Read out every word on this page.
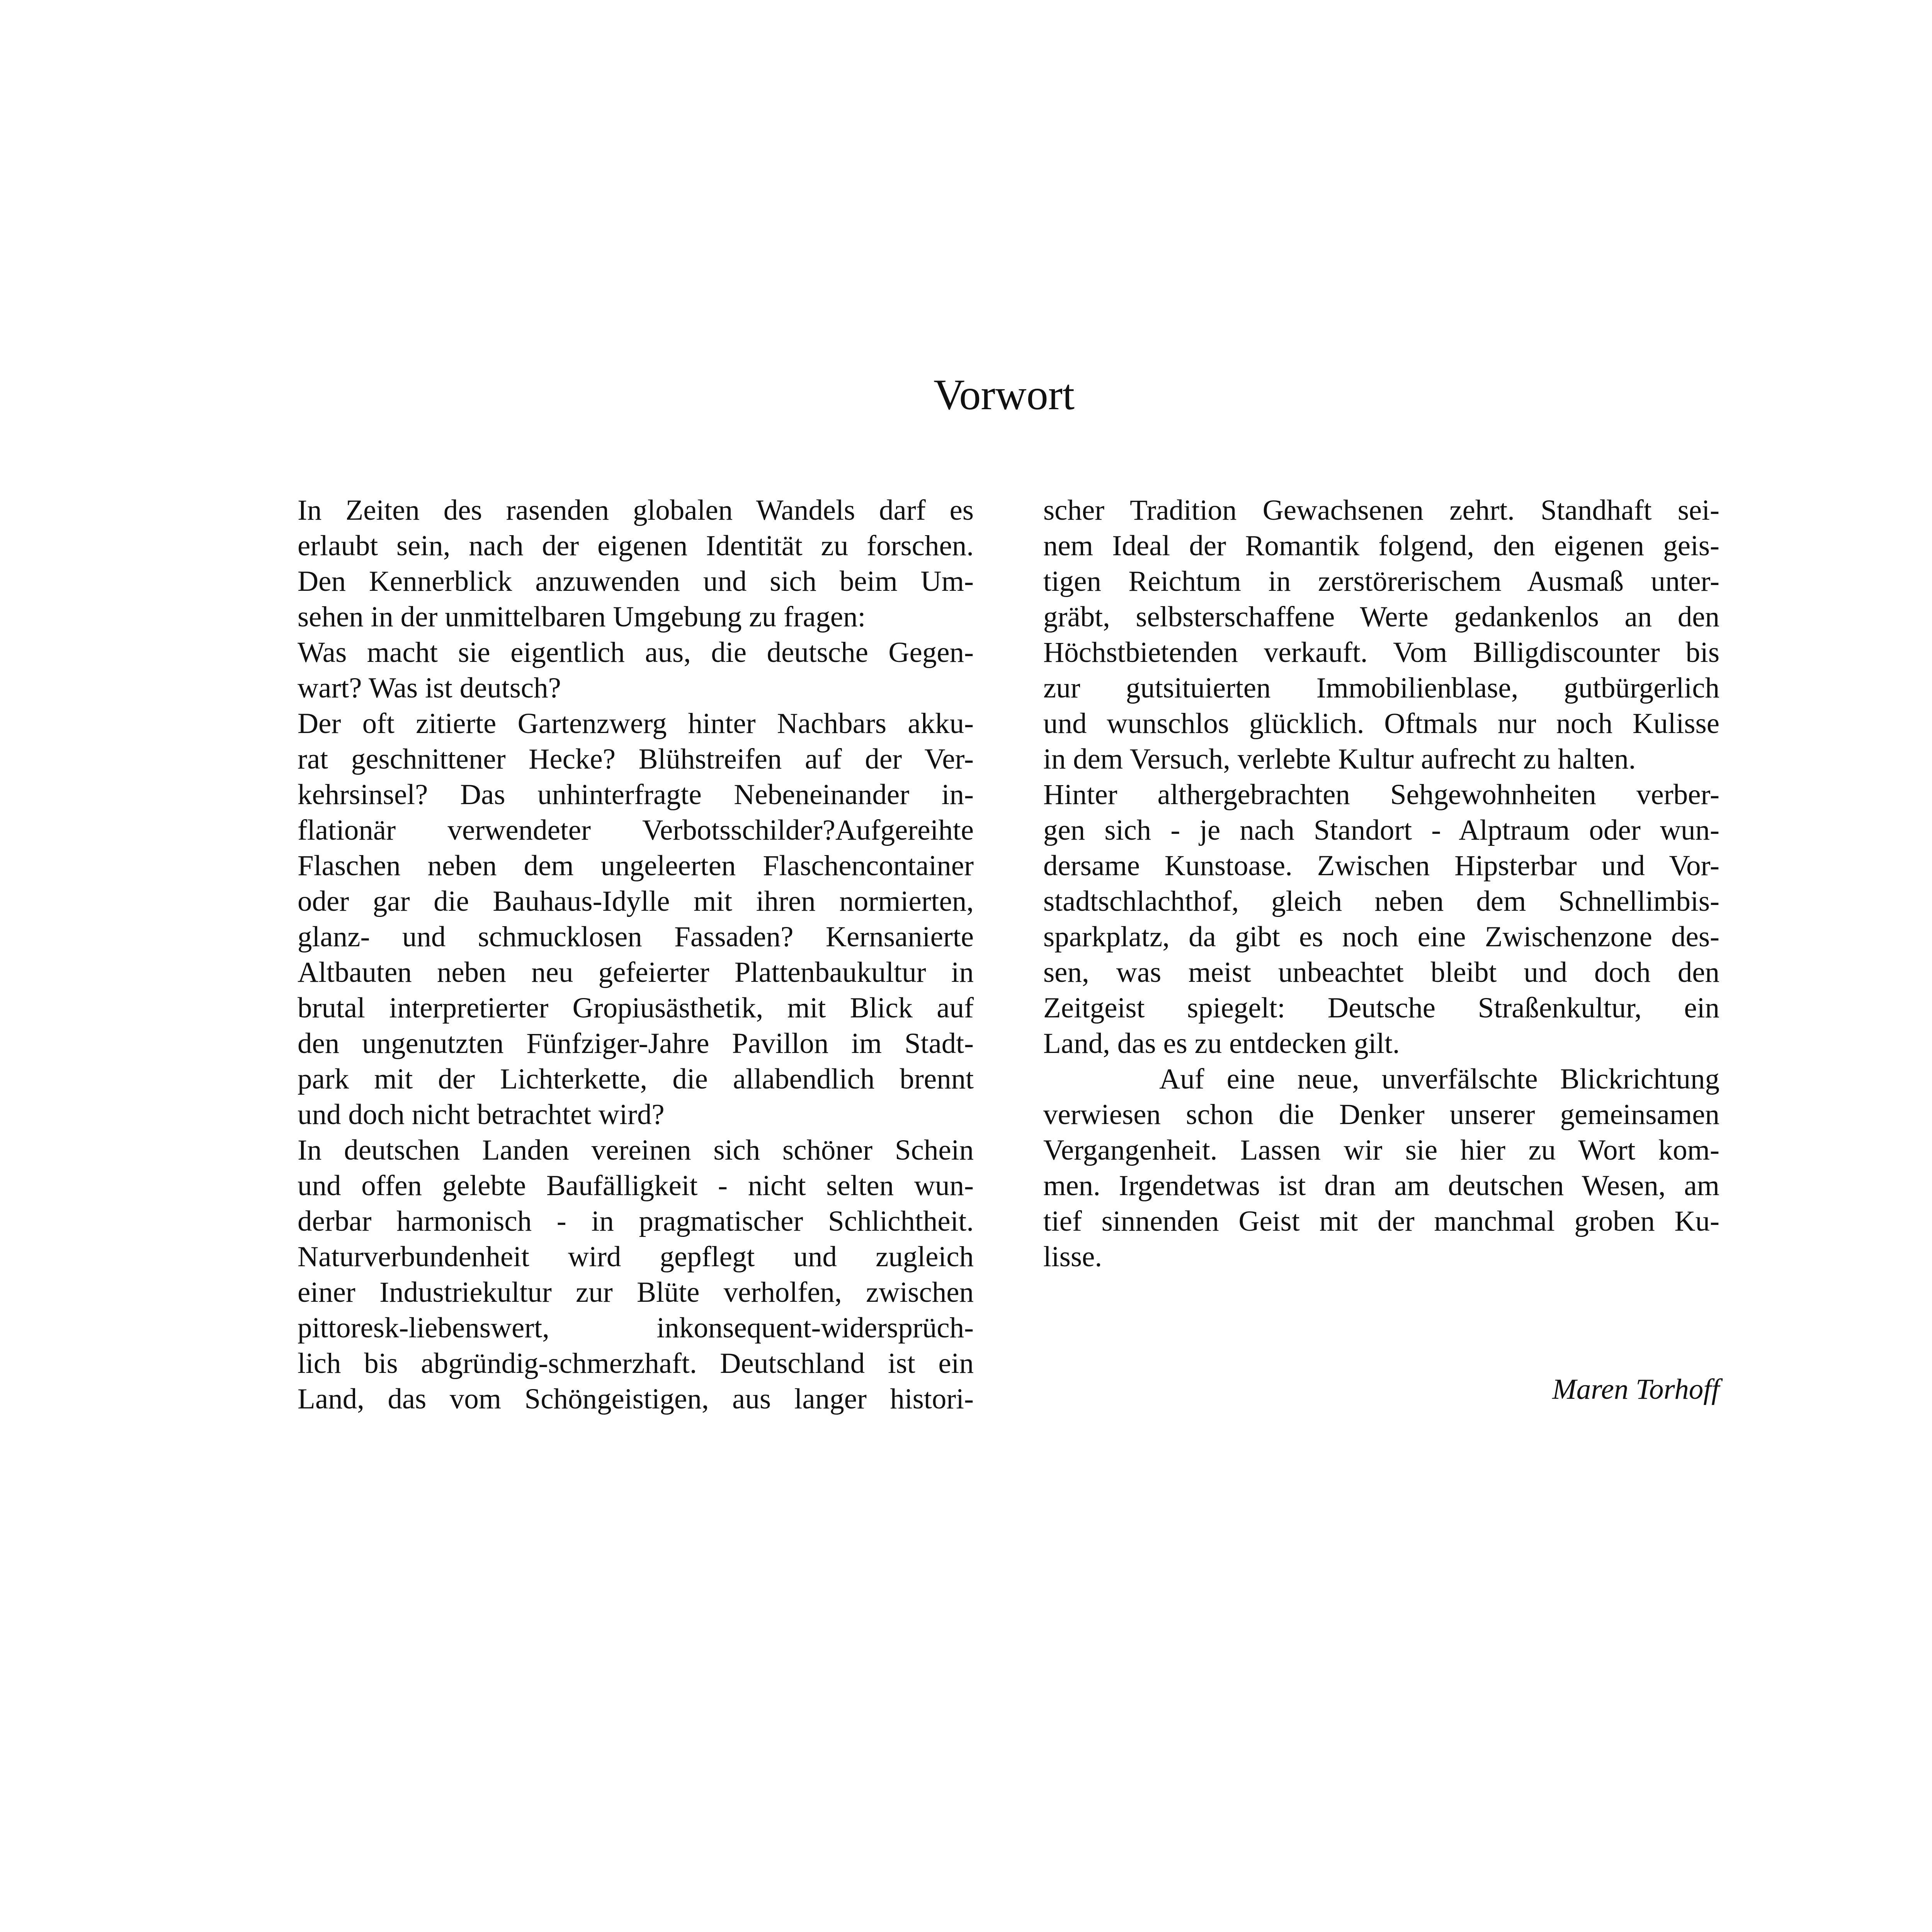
Vorwort
In Zeiten des rasenden globalen Wandels darf es
erlaubt sein, nach der eigenen Identität zu forschen.
Den Kennerblick anzuwenden und sich beim Um-
sehen in der unmittelbaren Umgebung zu fragen:
Was macht sie eigentlich aus, die deutsche Gegen-
wart? Was ist deutsch?
Der oft zitierte Gartenzwerg hinter Nachbars akku-
rat geschnittener Hecke? Blühstreifen auf der Ver-
kehrsinsel? Das unhinterfragte Nebeneinander in-
flationär verwendeter Verbotsschilder?Aufgereihte
Flaschen neben dem ungeleerten Flaschencontainer
oder gar die Bauhaus-Idylle mit ihren normierten,
glanz- und schmucklosen Fassaden? Kernsanierte
Altbauten neben neu gefeierter Plattenbaukultur in
brutal interpretierter Gropiusästhetik, mit Blick auf
den ungenutzten Fünfziger-Jahre Pavillon im Stadt-
park mit der Lichterkette, die allabendlich brennt
und doch nicht betrachtet wird?
In deutschen Landen vereinen sich schöner Schein
und offen gelebte Baufälligkeit - nicht selten wun-
derbar harmonisch - in pragmatischer Schlichtheit.
Naturverbundenheit wird gepflegt und zugleich
einer Industriekultur zur Blüte verholfen, zwischen
pittoresk-liebenswert, inkonsequent-widersprüch-
lich bis abgründig-schmerzhaft. Deutschland ist ein
Land, das vom Schöngeistigen, aus langer histori-
scher Tradition Gewachsenen zehrt. Standhaft sei-
nem Ideal der Romantik folgend, den eigenen geis-
tigen Reichtum in zerstörerischem Ausmaß unter-
gräbt, selbsterschaffene Werte gedankenlos an den
Höchstbietenden verkauft. Vom Billigdiscounter bis
zur gutsituierten Immobilienblase, gutbürgerlich
und wunschlos glücklich. Oftmals nur noch Kulisse
in dem Versuch, verlebte Kultur aufrecht zu halten.
Hinter althergebrachten Sehgewohnheiten verber-
gen sich - je nach Standort - Alptraum oder wun-
dersame Kunstoase. Zwischen Hipsterbar und Vor-
stadtschlachthof, gleich neben dem Schnellimbis-
sparkplatz, da gibt es noch eine Zwischenzone des-
sen, was meist unbeachtet bleibt und doch den
Zeitgeist spiegelt: Deutsche Straßenkultur, ein
Land, das es zu entdecken gilt.
Auf eine neue, unverfälschte Blickrichtung
verwiesen schon die Denker unserer gemeinsamen
Vergangenheit. Lassen wir sie hier zu Wort kom-
men. Irgendetwas ist dran am deutschen Wesen, am
tief sinnenden Geist mit der manchmal groben Ku-
lisse.
Maren Torhoff
